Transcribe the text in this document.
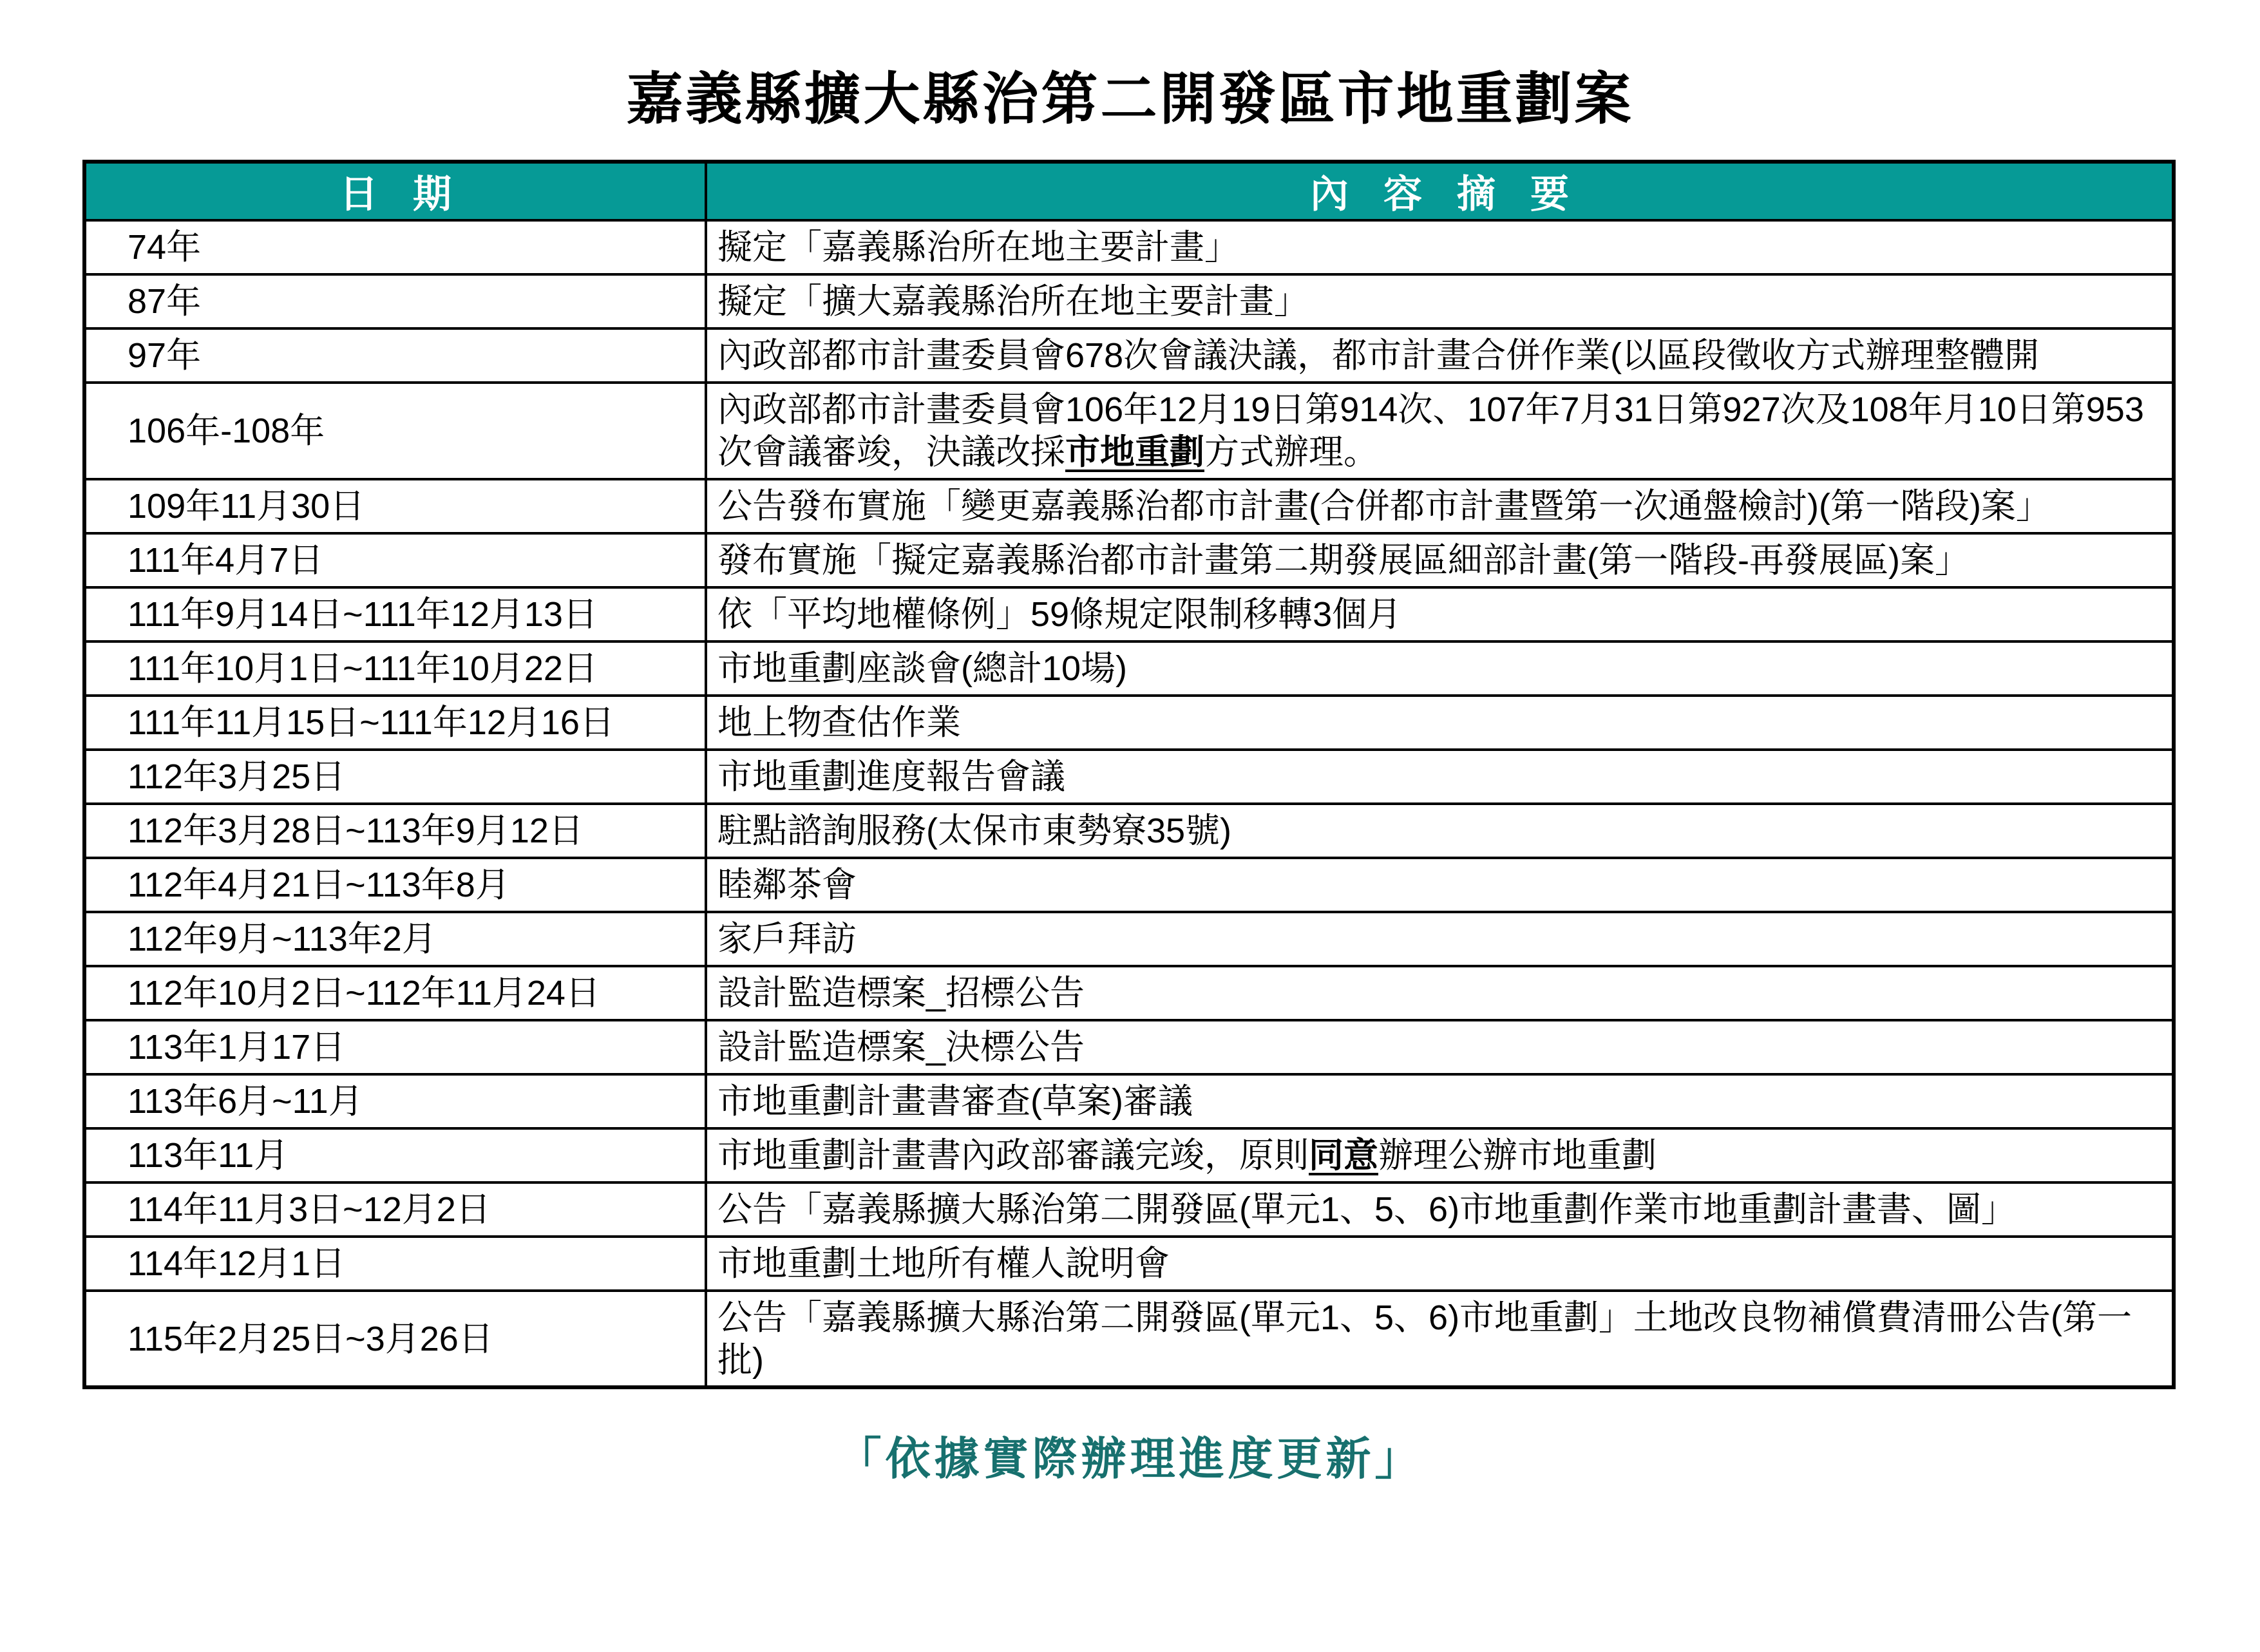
嘉義縣擴大縣治第二開發區市地重劃案
日期	內容摘要
74年	擬定「嘉義縣治所在地主要計畫」
87年	擬定「擴大嘉義縣治所在地主要計畫」
97年	內政部都市計畫委員會678次會議決議，都市計畫合併作業(以區段徵收方式辦理整體開
106年-108年	內政部都市計畫委員會106年12月19日第914次、107年7月31日第927次及108年月10日第953次會議審竣，決議改採市地重劃方式辦理。
109年11月30日	公告發布實施「變更嘉義縣治都市計畫(合併都市計畫暨第一次通盤檢討)(第一階段)案」
111年4月7日	發布實施「擬定嘉義縣治都市計畫第二期發展區細部計畫(第一階段-再發展區)案」
111年9月14日~111年12月13日	依「平均地權條例」59條規定限制移轉3個月
111年10月1日~111年10月22日	市地重劃座談會(總計10場)
111年11月15日~111年12月16日	地上物查估作業
112年3月25日	市地重劃進度報告會議
112年3月28日~113年9月12日	駐點諮詢服務(太保市東勢寮35號)
112年4月21日~113年8月	睦鄰茶會
112年9月~113年2月	家戶拜訪
112年10月2日~112年11月24日	設計監造標案_招標公告
113年1月17日	設計監造標案_決標公告
113年6月~11月	市地重劃計畫書審查(草案)審議
113年11月	市地重劃計畫書內政部審議完竣，原則同意辦理公辦市地重劃
114年11月3日~12月2日	公告「嘉義縣擴大縣治第二開發區(單元1、5、6)市地重劃作業市地重劃計畫書、圖」
114年12月1日	市地重劃土地所有權人說明會
115年2月25日~3月26日	公告「嘉義縣擴大縣治第二開發區(單元1、5、6)市地重劃」土地改良物補償費清冊公告(第一批)
「依據實際辦理進度更新」
